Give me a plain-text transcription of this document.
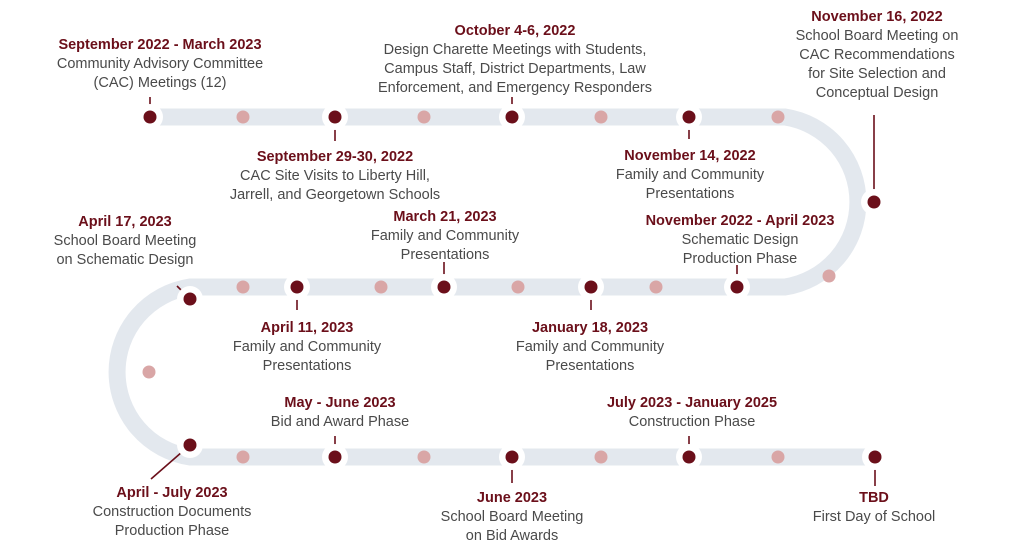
September 2022 - March 2023
Community Advisory Committee
(CAC) Meetings (12)
September 29-30, 2022
CAC Site Visits to Liberty Hill,
Jarrell, and Georgetown Schools
October 4-6, 2022
Design Charette Meetings with Students,
Campus Staff, District Departments, Law
Enforcement, and Emergency Responders
November 14, 2022
Family and Community
Presentations
November 16, 2022
School Board Meeting on
CAC Recommendations
for Site Selection and
Conceptual Design
November 2022 - April 2023
Schematic Design
Production Phase
January 18, 2023
Family and Community
Presentations
March 21, 2023
Family and Community
Presentations
April 11, 2023
Family and Community
Presentations
April 17, 2023
School Board Meeting
on Schematic Design
April - July 2023
Construction Documents
Production Phase
May - June 2023
Bid and Award Phase
June 2023
School Board Meeting
on Bid Awards
July 2023 - January 2025
Construction Phase
TBD
First Day of School
